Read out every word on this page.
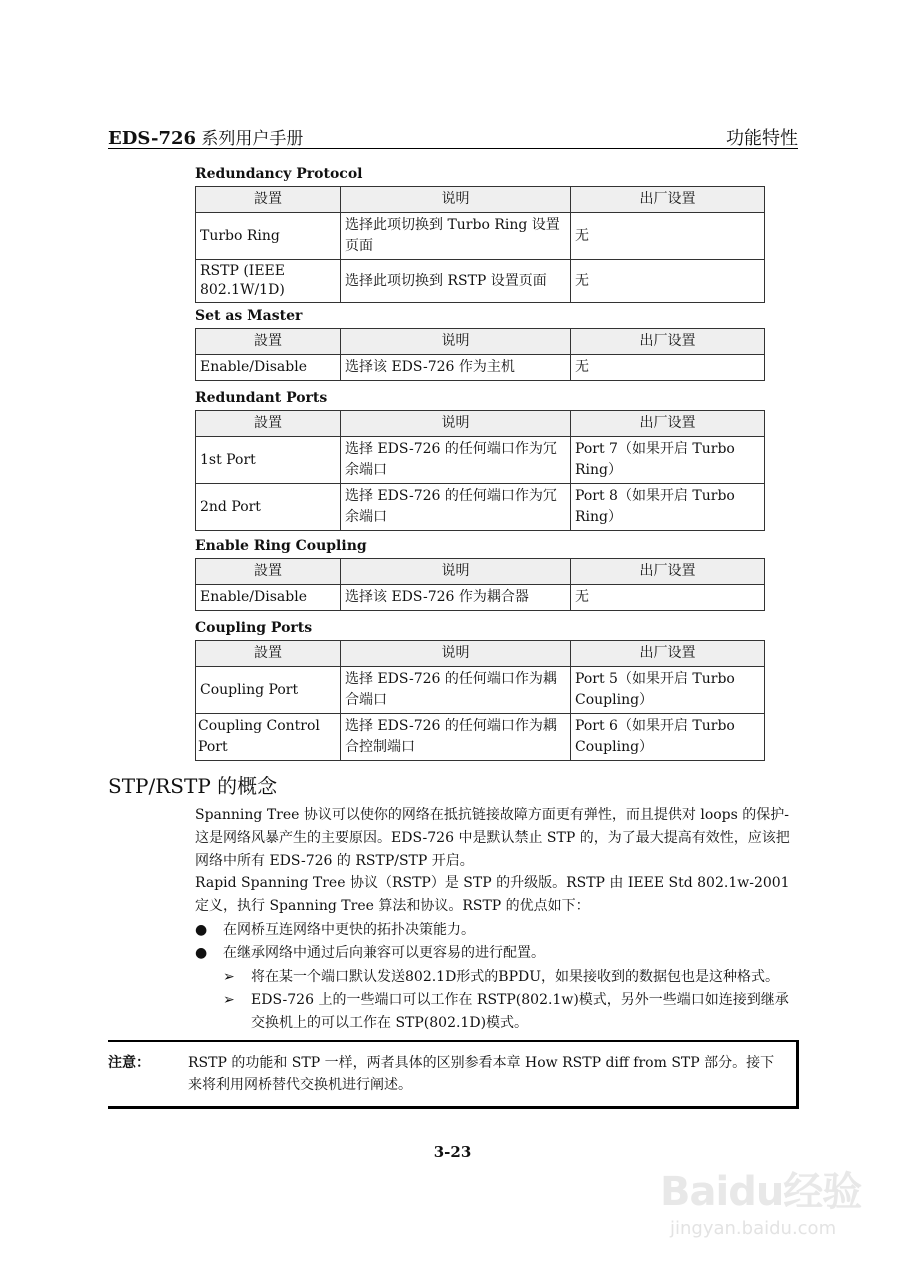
EDS-726 系列用户手册	功能特性
Redundancy Protocol
設置	说明	出厂设置
Turbo Ring	选择此项切换到 Turbo Ring 设置页面	无
RSTP (IEEE 802.1W/1D)	选择此项切换到 RSTP 设置页面	无
Set as Master
設置	说明	出厂设置
Enable/Disable	选择该 EDS-726 作为主机	无
Redundant Ports
設置	说明	出厂设置
1st Port	选择 EDS-726 的任何端口作为冗余端口	Port 7（如果开启 Turbo Ring）
2nd Port	选择 EDS-726 的任何端口作为冗余端口	Port 8（如果开启 Turbo Ring）
Enable Ring Coupling
設置	说明	出厂设置
Enable/Disable	选择该 EDS-726 作为耦合器	无
Coupling Ports
設置	说明	出厂设置
Coupling Port	选择 EDS-726 的任何端口作为耦合端口	Port 5（如果开启 Turbo Coupling）
Coupling Control Port	选择 EDS-726 的任何端口作为耦合控制端口	Port 6（如果开启 Turbo Coupling）
STP/RSTP 的概念
Spanning Tree 协议可以使你的网络在抵抗链接故障方面更有弹性，而且提供对 loops 的保护-这是网络风暴产生的主要原因。EDS-726 中是默认禁止 STP 的，为了最大提高有效性，应该把网络中所有 EDS-726 的 RSTP/STP 开启。
Rapid Spanning Tree 协议（RSTP）是 STP 的升级版。RSTP 由 IEEE Std 802.1w-2001 定义，执行 Spanning Tree 算法和协议。RSTP 的优点如下：
● 在网桥互连网络中更快的拓扑决策能力。
● 在继承网络中通过后向兼容可以更容易的进行配置。
➢	将在某一个端口默认发送802.1D形式的BPDU，如果接收到的数据包也是这种格式。
➢	EDS-726 上的一些端口可以工作在 RSTP(802.1w)模式，另外一些端口如连接到继承交换机上的可以工作在 STP(802.1D)模式。
注意：	RSTP 的功能和 STP 一样，两者具体的区别参看本章 How RSTP diff from STP 部分。接下来将利用网桥替代交换机进行阐述。
3-23
Baidu经验
jingyan.baidu.com
